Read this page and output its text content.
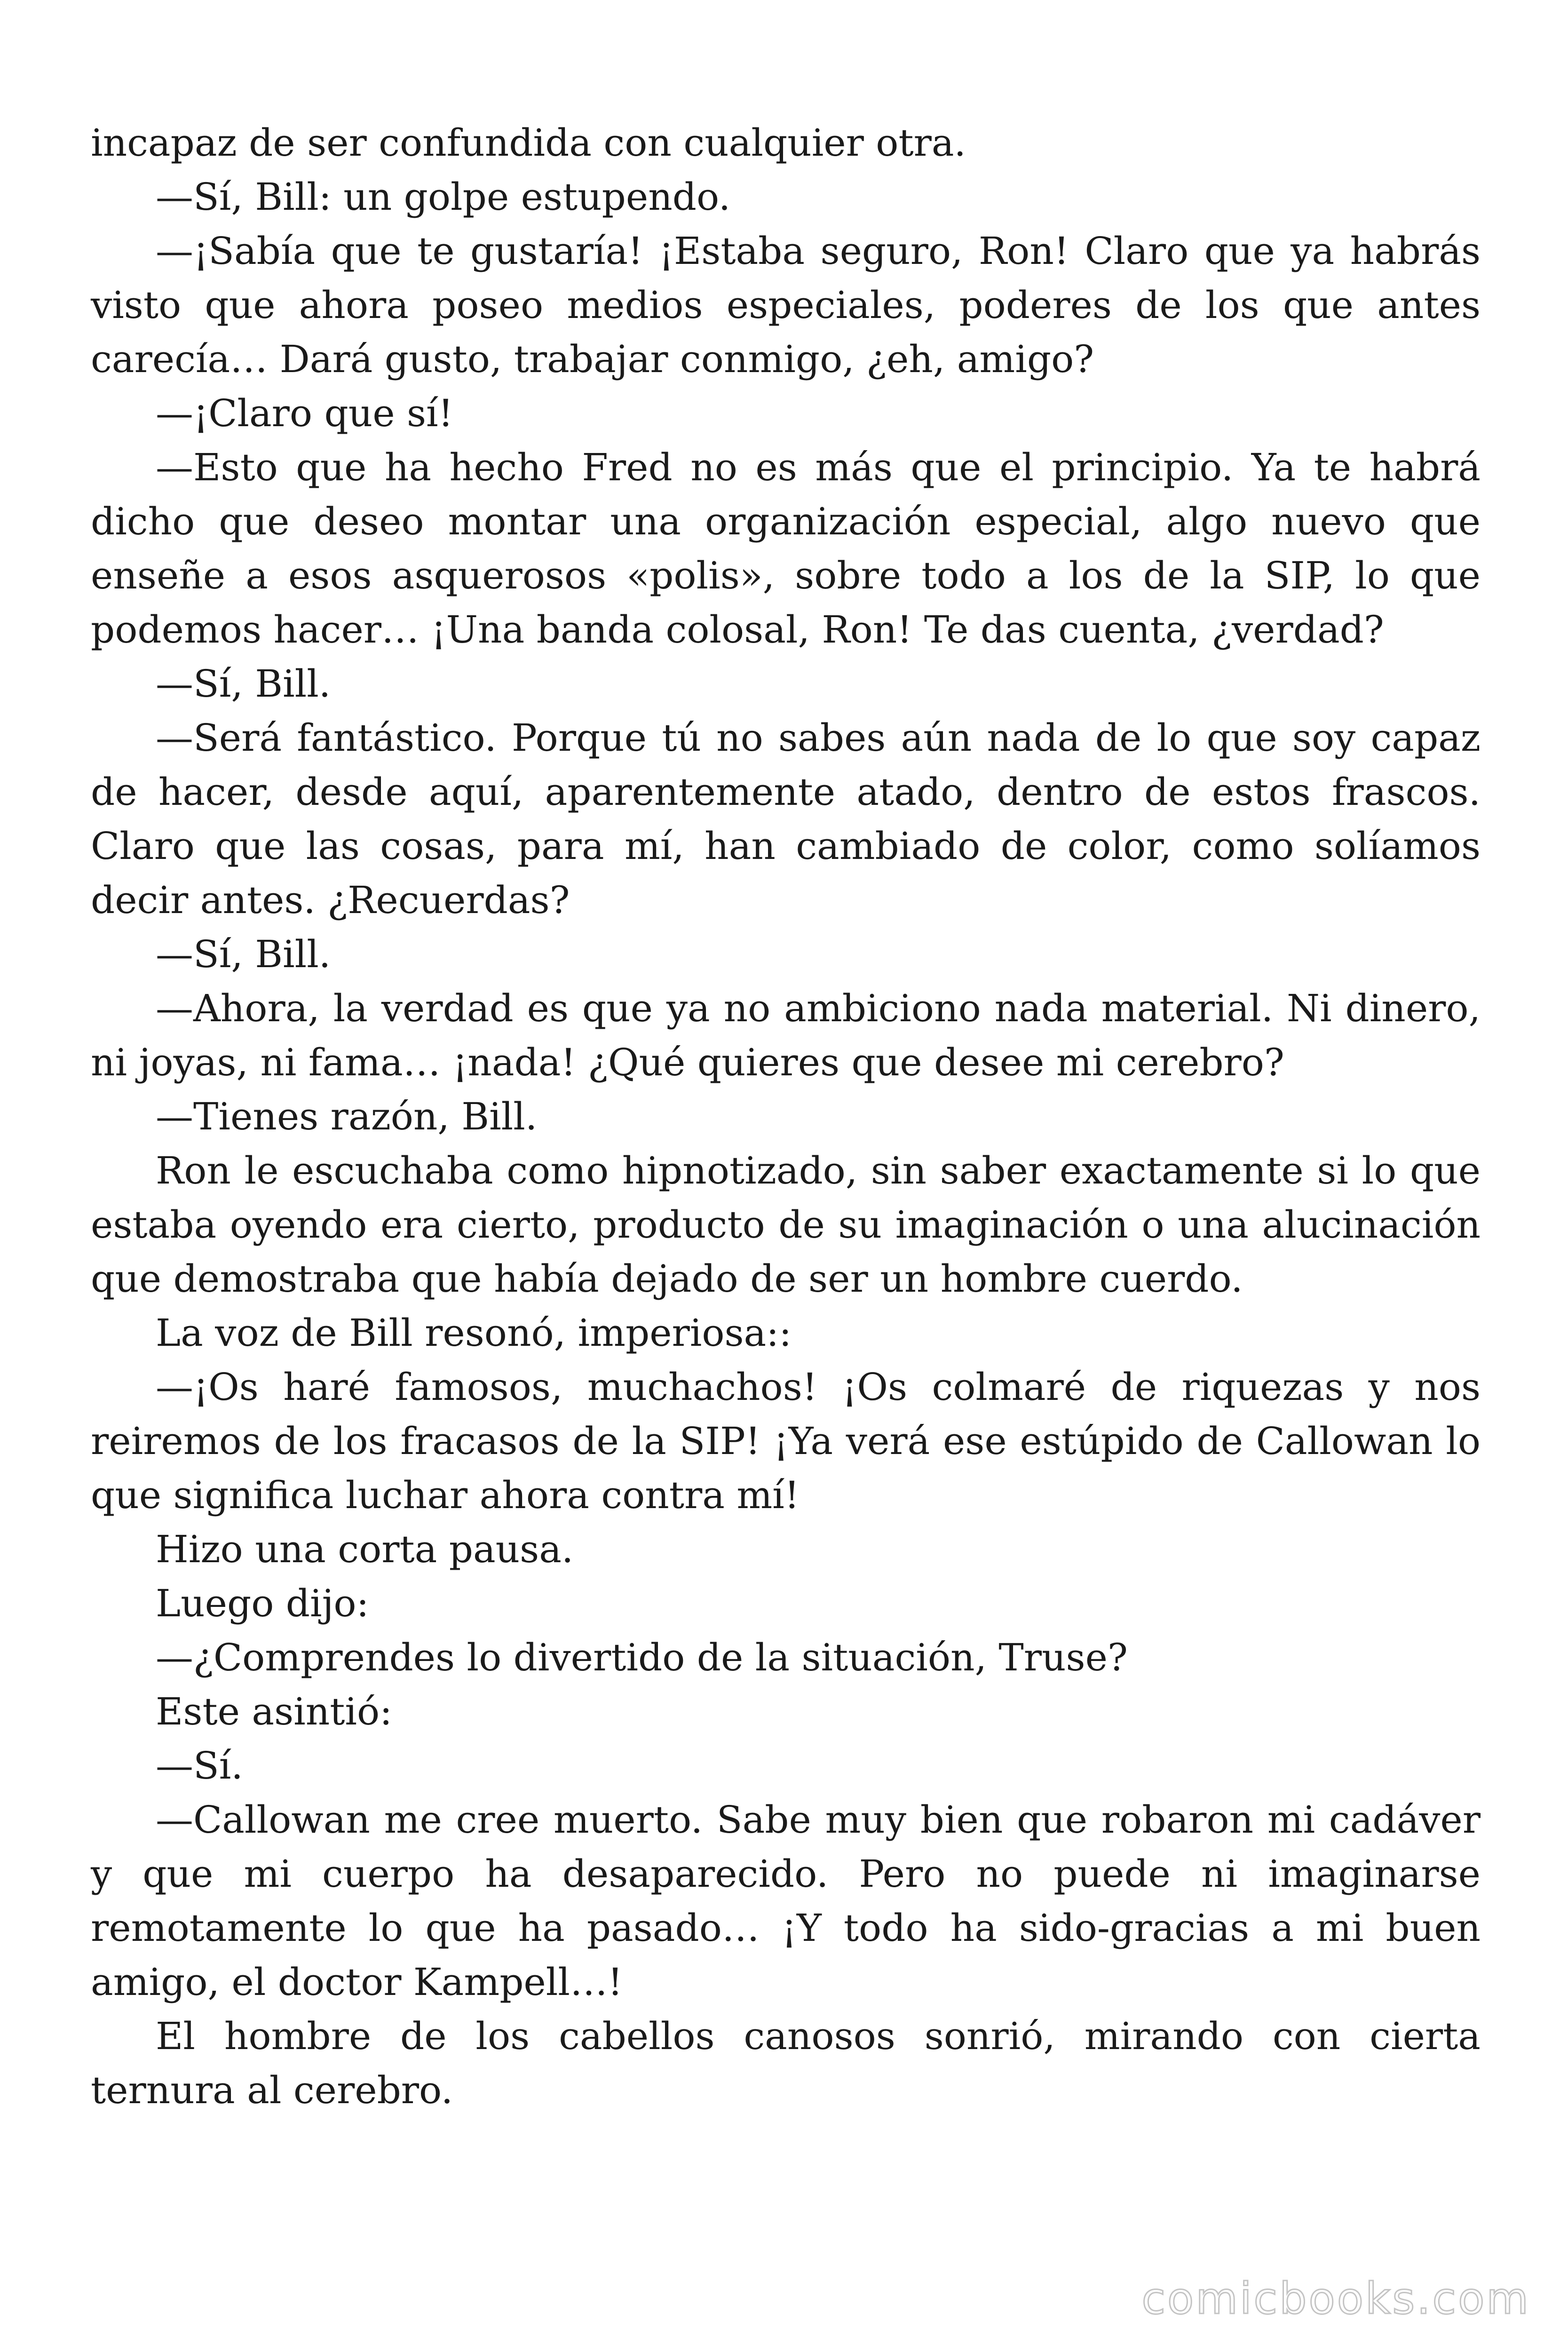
incapaz de ser confundida con cualquier otra.

—Sí, Bill: un golpe estupendo.

—¡Sabía que te gustaría! ¡Estaba seguro, Ron! Claro que ya habrás visto que ahora poseo medios especiales, poderes de los que antes carecía… Dará gusto, trabajar conmigo, ¿eh, amigo?

—¡Claro que sí!

—Esto que ha hecho Fred no es más que el principio. Ya te habrá dicho que deseo montar una organización especial, algo nuevo que enseñe a esos asquerosos «polis», sobre todo a los de la SIP, lo que podemos hacer… ¡Una banda colosal, Ron! Te das cuenta, ¿verdad?

—Sí, Bill.

—Será fantástico. Porque tú no sabes aún nada de lo que soy capaz de hacer, desde aquí, aparentemente atado, dentro de estos frascos. Claro que las cosas, para mí, han cambiado de color, como solíamos decir antes. ¿Recuerdas?

—Sí, Bill.

—Ahora, la verdad es que ya no ambiciono nada material. Ni dinero, ni joyas, ni fama… ¡nada! ¿Qué quieres que desee mi cerebro?

—Tienes razón, Bill.

Ron le escuchaba como hipnotizado, sin saber exactamente si lo que estaba oyendo era cierto, producto de su imaginación o una alucinación que demostraba que había dejado de ser un hombre cuerdo.

La voz de Bill resonó, imperiosa::

—¡Os haré famosos, muchachos! ¡Os colmaré de riquezas y nos reiremos de los fracasos de la SIP! ¡Ya verá ese estúpido de Callowan lo que significa luchar ahora contra mí!

Hizo una corta pausa.

Luego dijo:

—¿Comprendes lo divertido de la situación, Truse?

Este asintió:

—Sí.

—Callowan me cree muerto. Sabe muy bien que robaron mi cadáver y que mi cuerpo ha desaparecido. Pero no puede ni imaginarse remotamente lo que ha pasado… ¡Y todo ha sido-gracias a mi buen amigo, el doctor Kampell…!

El hombre de los cabellos canosos sonrió, mirando con cierta ternura al cerebro.

comicbooks.com
